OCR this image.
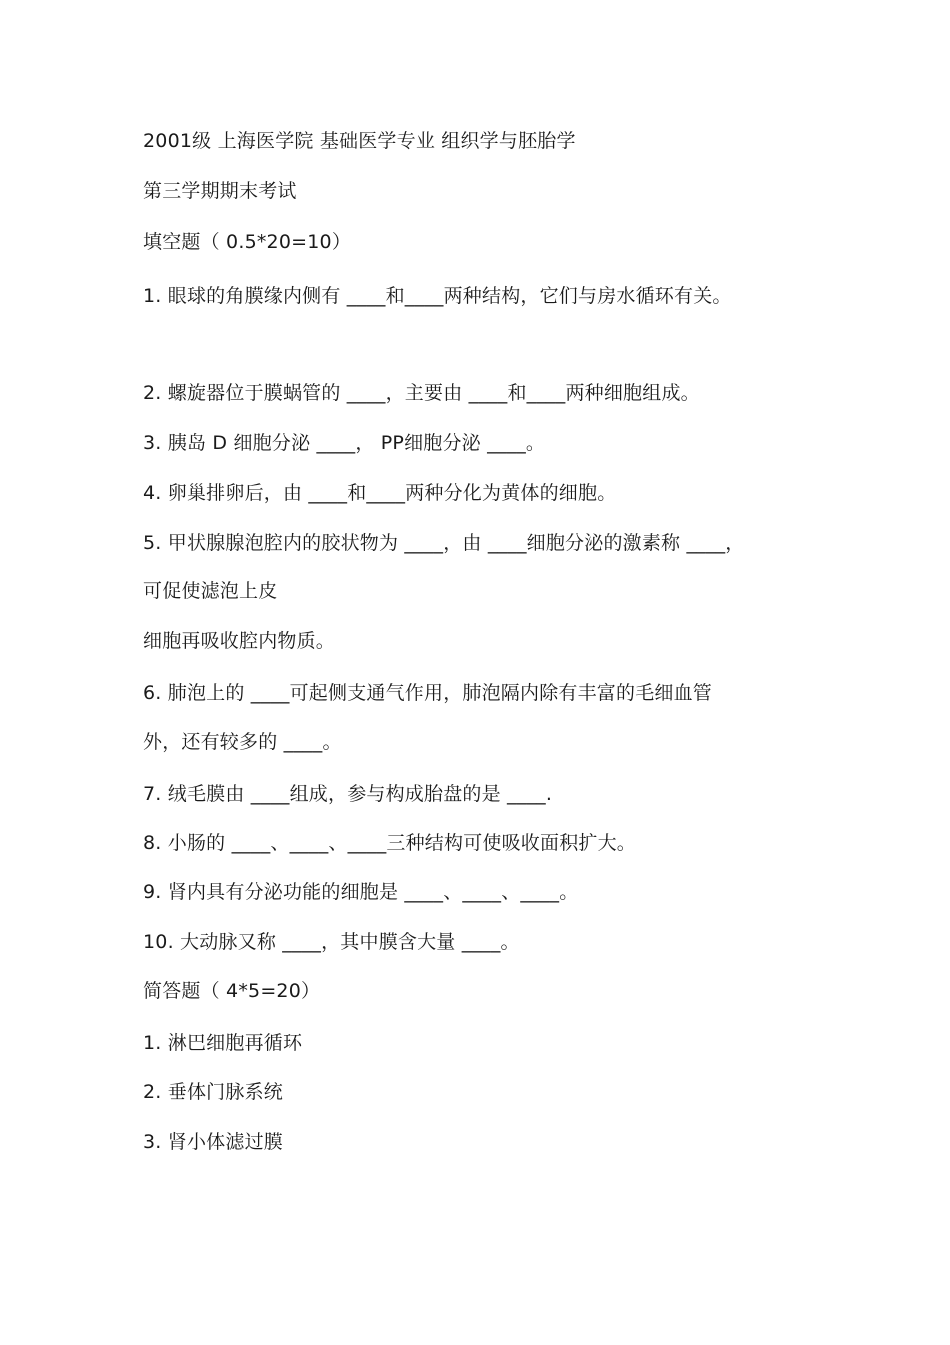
2001级 上海医学院 基础医学专业 组织学与胚胎学
第三学期期末考试
填空题（ 0.5*20=10）
1. 眼球的角膜缘内侧有 ____和____两种结构，它们与房水循环有关。
2. 螺旋器位于膜蜗管的 ____，主要由 ____和____两种细胞组成。
3. 胰岛 D 细胞分泌 ____， PP细胞分泌 ____。
4. 卵巢排卵后，由 ____和____两种分化为黄体的细胞。
5. 甲状腺腺泡腔内的胶状物为 ____，由 ____细胞分泌的激素称 ____，
可促使滤泡上皮
细胞再吸收腔内物质。
6. 肺泡上的 ____可起侧支通气作用，肺泡隔内除有丰富的毛细血管
外，还有较多的 ____。
7. 绒毛膜由 ____组成，参与构成胎盘的是 ____.
8. 小肠的 ____、____、____三种结构可使吸收面积扩大。
9. 肾内具有分泌功能的细胞是 ____、____、____。
10. 大动脉又称 ____，其中膜含大量 ____。
简答题（ 4*5=20）
1. 淋巴细胞再循环
2. 垂体门脉系统
3. 肾小体滤过膜
